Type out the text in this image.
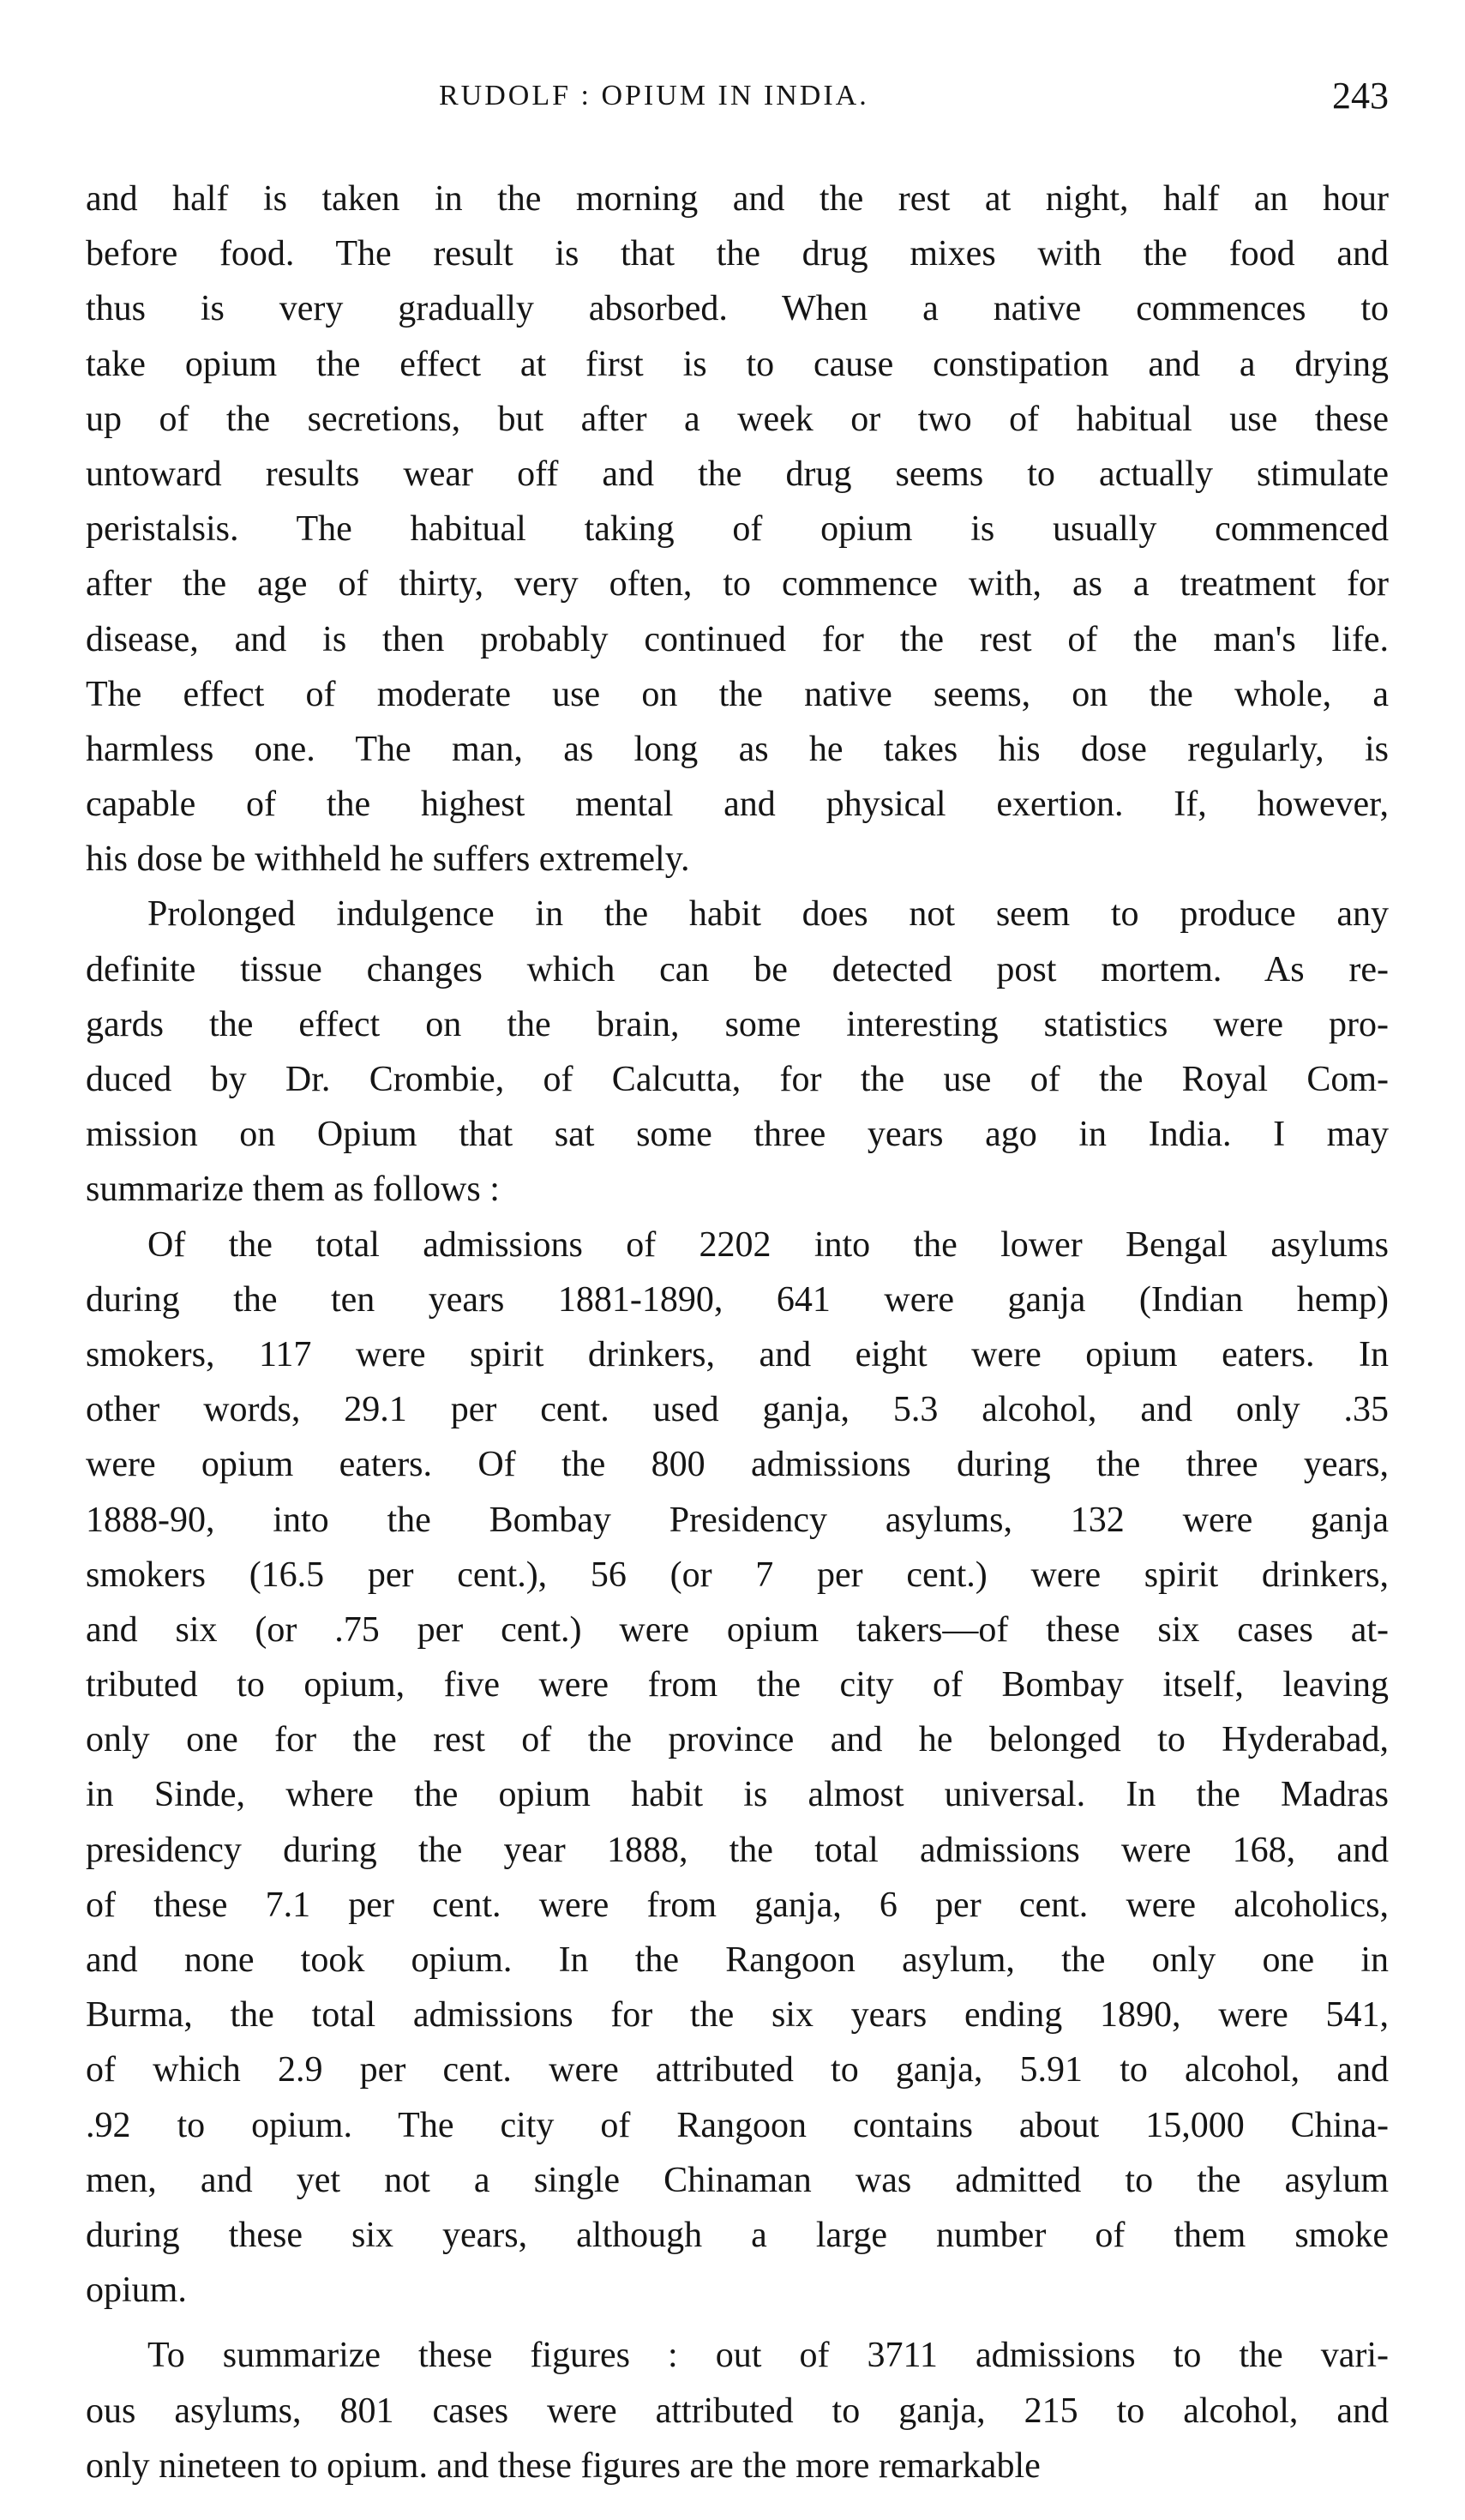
RUDOLF : OPIUM IN INDIA.	243
and half is taken in the morning and the rest at night, half an hour
before food. The result is that the drug mixes with the food and
thus is very gradually absorbed. When a native commences to
take opium the effect at first is to cause constipation and a drying
up of the secretions, but after a week or two of habitual use these
untoward results wear off and the drug seems to actually stimulate
peristalsis. The habitual taking of opium is usually commenced
after the age of thirty, very often, to commence with, as a treatment for
disease, and is then probably continued for the rest of the man's life.
The effect of moderate use on the native seems, on the whole, a
harmless one. The man, as long as he takes his dose regularly, is
capable of the highest mental and physical exertion. If, however,
his dose be withheld he suffers extremely.
Prolonged indulgence in the habit does not seem to produce any
definite tissue changes which can be detected post mortem. As re-
gards the effect on the brain, some interesting statistics were pro-
duced by Dr. Crombie, of Calcutta, for the use of the Royal Com-
mission on Opium that sat some three years ago in India. I may
summarize them as follows :
Of the total admissions of 2202 into the lower Bengal asylums
during the ten years 1881-1890, 641 were ganja (Indian hemp)
smokers, 117 were spirit drinkers, and eight were opium eaters. In
other words, 29.1 per cent. used ganja, 5.3 alcohol, and only .35
were opium eaters. Of the 800 admissions during the three years,
1888-90, into the Bombay Presidency asylums, 132 were ganja
smokers (16.5 per cent.), 56 (or 7 per cent.) were spirit drinkers,
and six (or .75 per cent.) were opium takers—of these six cases at-
tributed to opium, five were from the city of Bombay itself, leaving
only one for the rest of the province and he belonged to Hyderabad,
in Sinde, where the opium habit is almost universal. In the Madras
presidency during the year 1888, the total admissions were 168, and
of these 7.1 per cent. were from ganja, 6 per cent. were alcoholics,
and none took opium. In the Rangoon asylum, the only one in
Burma, the total admissions for the six years ending 1890, were 541,
of which 2.9 per cent. were attributed to ganja, 5.91 to alcohol, and
.92 to opium. The city of Rangoon contains about 15,000 China-
men, and yet not a single Chinaman was admitted to the asylum
during these six years, although a large number of them smoke
opium.
To summarize these figures : out of 3711 admissions to the vari-
ous asylums, 801 cases were attributed to ganja, 215 to alcohol, and
only nineteen to opium. and these figures are the more remarkable
